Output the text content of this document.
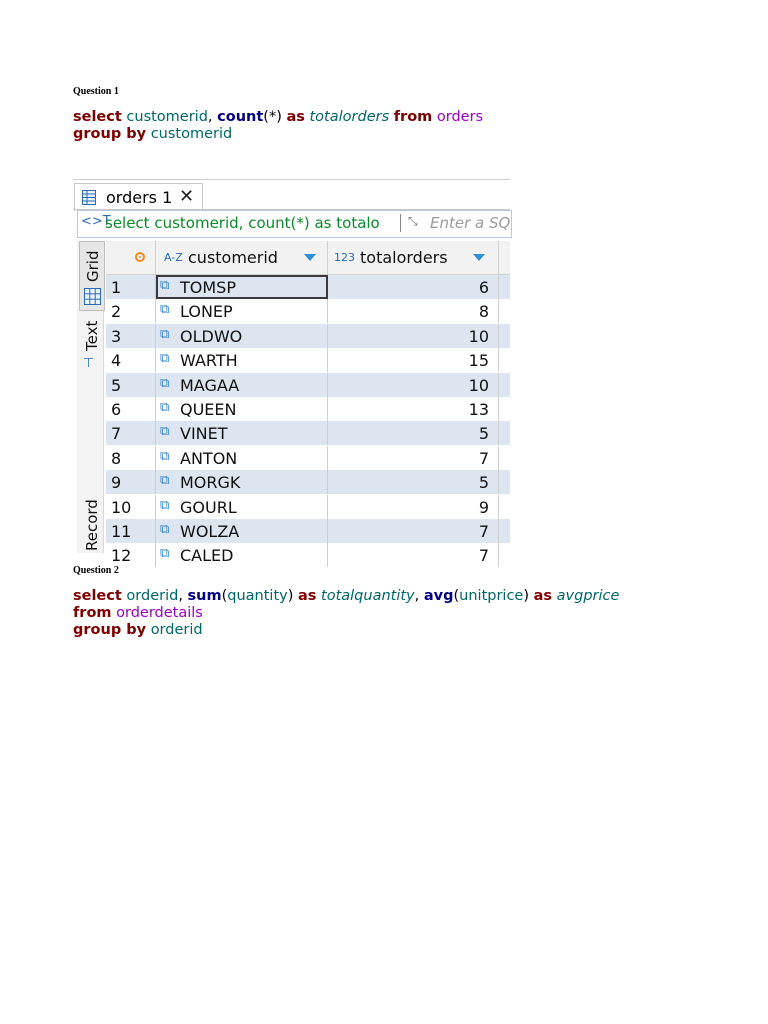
Question 1
select customerid, count(*) as totalorders from orders
group by customerid
orders 1 ✕
<>T
select customerid, count(*) as totalo ⤡ Enter a SQ
Grid
Text
⊤
Record
A-Z customerid	123 totalorders
1	⧉ TOMSP	6
2	⧉ LONEP	8
3	⧉ OLDWO	10
4	⧉ WARTH	15
5	⧉ MAGAA	10
6	⧉ QUEEN	13
7	⧉ VINET	5
8	⧉ ANTON	7
9	⧉ MORGK	5
10 ⧉ GOURL	9
11 ⧉ WOLZA	7
12 ⧉ CALED	7
Question 2
select orderid, sum(quantity) as totalquantity, avg(unitprice) as avgprice
from orderdetails
group by orderid
